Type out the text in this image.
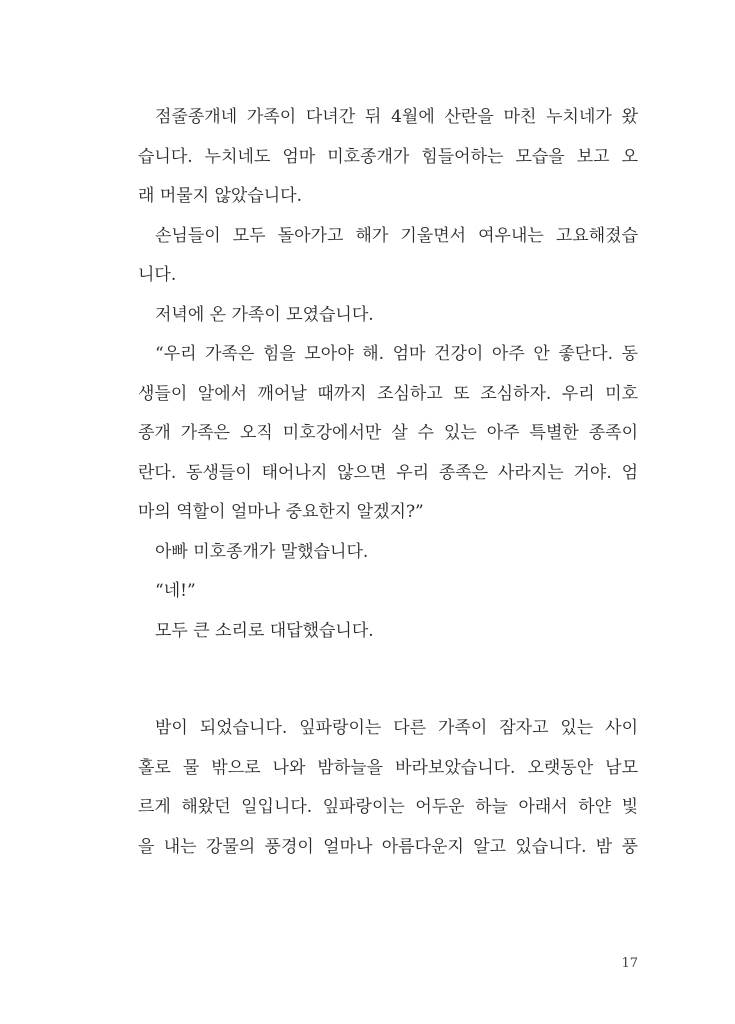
점줄종개네 가족이 다녀간 뒤 4월에 산란을 마친 누치네가 왔
습니다. 누치네도 엄마 미호종개가 힘들어하는 모습을 보고 오
래 머물지 않았습니다.
손님들이 모두 돌아가고 해가 기울면서 여우내는 고요해졌습
니다.
저녁에 온 가족이 모였습니다.
“우리 가족은 힘을 모아야 해. 엄마 건강이 아주 안 좋단다. 동
생들이 알에서 깨어날 때까지 조심하고 또 조심하자. 우리 미호
종개 가족은 오직 미호강에서만 살 수 있는 아주 특별한 종족이
란다. 동생들이 태어나지 않으면 우리 종족은 사라지는 거야. 엄
마의 역할이 얼마나 중요한지 알겠지?”
아빠 미호종개가 말했습니다.
“네!”
모두 큰 소리로 대답했습니다.
밤이 되었습니다. 잎파랑이는 다른 가족이 잠자고 있는 사이
홀로 물 밖으로 나와 밤하늘을 바라보았습니다. 오랫동안 남모
르게 해왔던 일입니다. 잎파랑이는 어두운 하늘 아래서 하얀 빛
을 내는 강물의 풍경이 얼마나 아름다운지 알고 있습니다. 밤 풍
17
